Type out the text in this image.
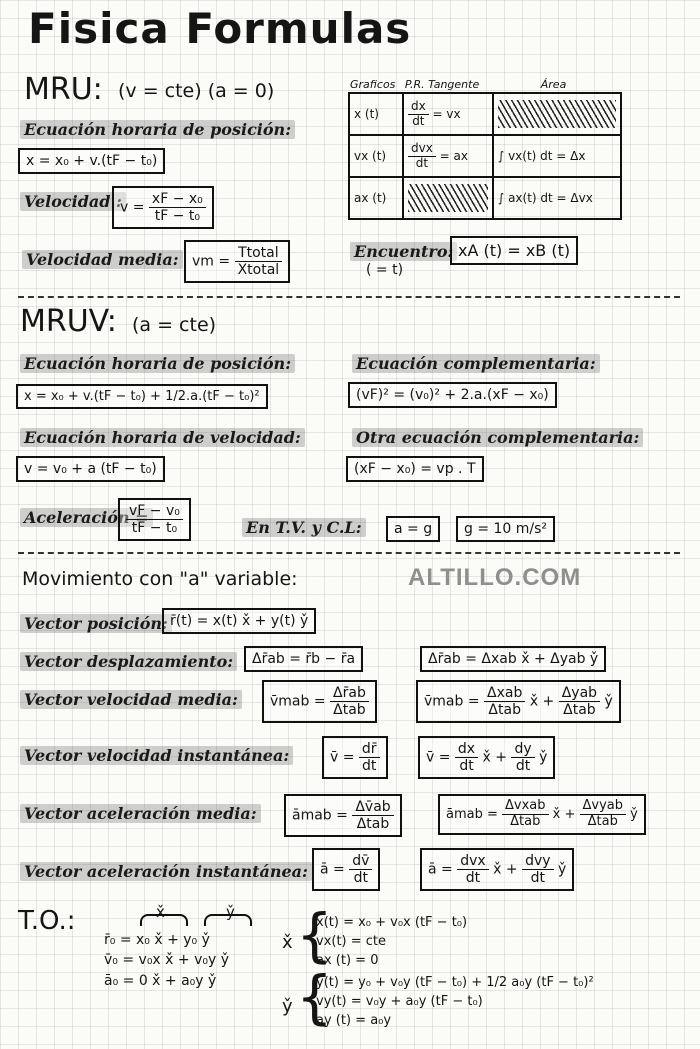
Fisica Formulas
MRU: (v = cte) (a = 0)
Ecuación horaria de posición:
x = x₀ + v.(tF − t₀)
Velocidad :
$v = \frac{\text{xF − x₀}}{\text{tF − t₀}}$
Velocidad media: vm = $\frac{\text{Ttotal}}{\text{Xtotal}}$	Encuentro:
( = t)
xA (t) = xB (t)
Graficos P.R. Tangente	Área
x (t)	$\frac{dx}{dt}$ = vx	

vx (t)	$\frac{\text{dvx}}{dt}$ = ax	∫ vx(t) dt = Δx
ax (t)		∫ ax(t) dt = Δvx
MRUV: (a = cte)
Ecuación horaria de posición:
x = x₀ + v.(tF − t₀) + 1/2.a.(tF − t₀)²
Ecuación complementaria:
(vF)² = (v₀)² + 2.a.(xF − x₀)
Ecuación horaria de velocidad:
v = v₀ + a (tF − t₀)
Otra ecuación complementaria:
(xF − x₀) = vp . T
Aceleración =
$\frac{\text{vF − v₀}}{\text{tF − t₀}}$	En T.V. y C.L:	a = g	g = 10 m/s²
Movimiento con "a" variable:	ALTILLO.COM
Vector posición: r̄(t) = x(t) x̌ + y(t) y̌
Vector desplazamiento:	Δr̄ab = r̄b − r̄a	Δr̄ab = Δxab x̌ + Δyab y̌
Vector velocidad media:	v̄mab = $\frac{\Delta r̄ab}{\text{Δtab}}$	v̄mab = $\frac{\text{Δxab}}{\text{Δtab}}$ x̌ + $\frac{\text{Δyab}}{\text{Δtab}}$ y̌
Vector velocidad instantánea:	v̄ = $\frac{dr̄}{dt}$	v̄ = $\frac{dx}{dt}$ x̌ + $\frac{dy}{dt}$ y̌
Vector aceleración media:	āmab = $\frac{\Delta v̄ab}{\text{Δtab}}$	āmab = $\frac{\text{Δvxab}}{\text{Δtab}}$ x̌ + $\frac{\text{Δvyab}}{\text{Δtab}}$ y̌
Vector aceleración instantánea: ā = $\frac{dv̄}{dt}$	ā = $\frac{\text{dvx}}{dt}$ x̌ + $\frac{\text{dvy}}{dt}$ y̌
T.O.:	x̌	y̌
r̄₀ = x₀ x̌ + y₀ y̌
v̄₀ = v₀x x̌ + v₀y y̌
ā₀ = 0 x̌ + a₀y y̌
x̌ {
x(t) = x₀ + v₀x (tF − t₀)
vx(t) = cte
ax (t) = 0
y̌ {
y(t) = y₀ + v₀y (tF − t₀) + 1/2 a₀y (tF − t₀)²
vy(t) = v₀y + a₀y (tF − t₀)
ay (t) = a₀y
